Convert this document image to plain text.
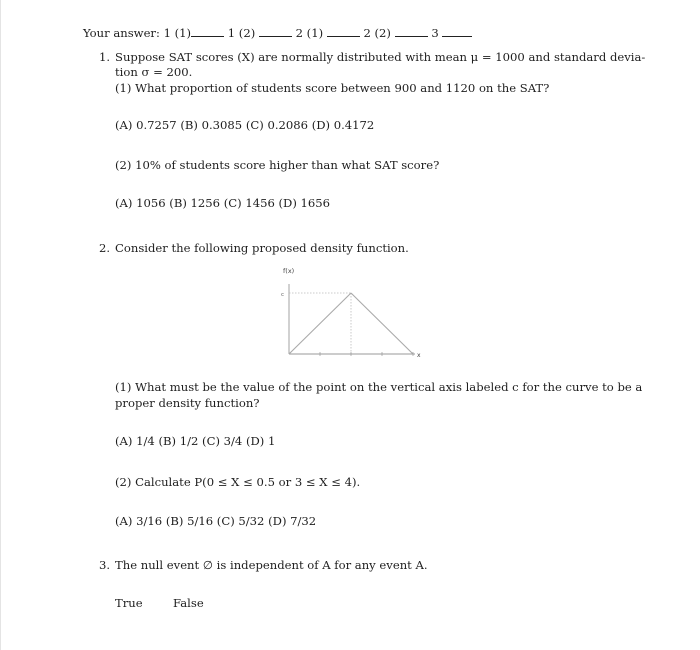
Your answer: 1 (1)	1 (2)	2 (1)	2 (2)	3
1. Suppose SAT scores (X) are normally distributed with mean μ = 1000 and standard devia-
tion σ = 200.
(1) What proportion of students score between 900 and 1120 on the SAT?
(A) 0.7257 (B) 0.3085 (C) 0.2086 (D) 0.4172
(2) 10% of students score higher than what SAT score?
(A) 1056 (B) 1256 (C) 1456 (D) 1656
2. Consider the following proposed density function.
f(x)
c
x
(1) What must be the value of the point on the vertical axis labeled c for the curve to be a
proper density function?
(A) 1/4 (B) 1/2 (C) 3/4 (D) 1
(2) Calculate P(0 ≤ X ≤ 0.5 or 3 ≤ X ≤ 4).
(A) 3/16 (B) 5/16 (C) 5/32 (D) 7/32
3. The null event ∅ is independent of A for any event A.
True	False
